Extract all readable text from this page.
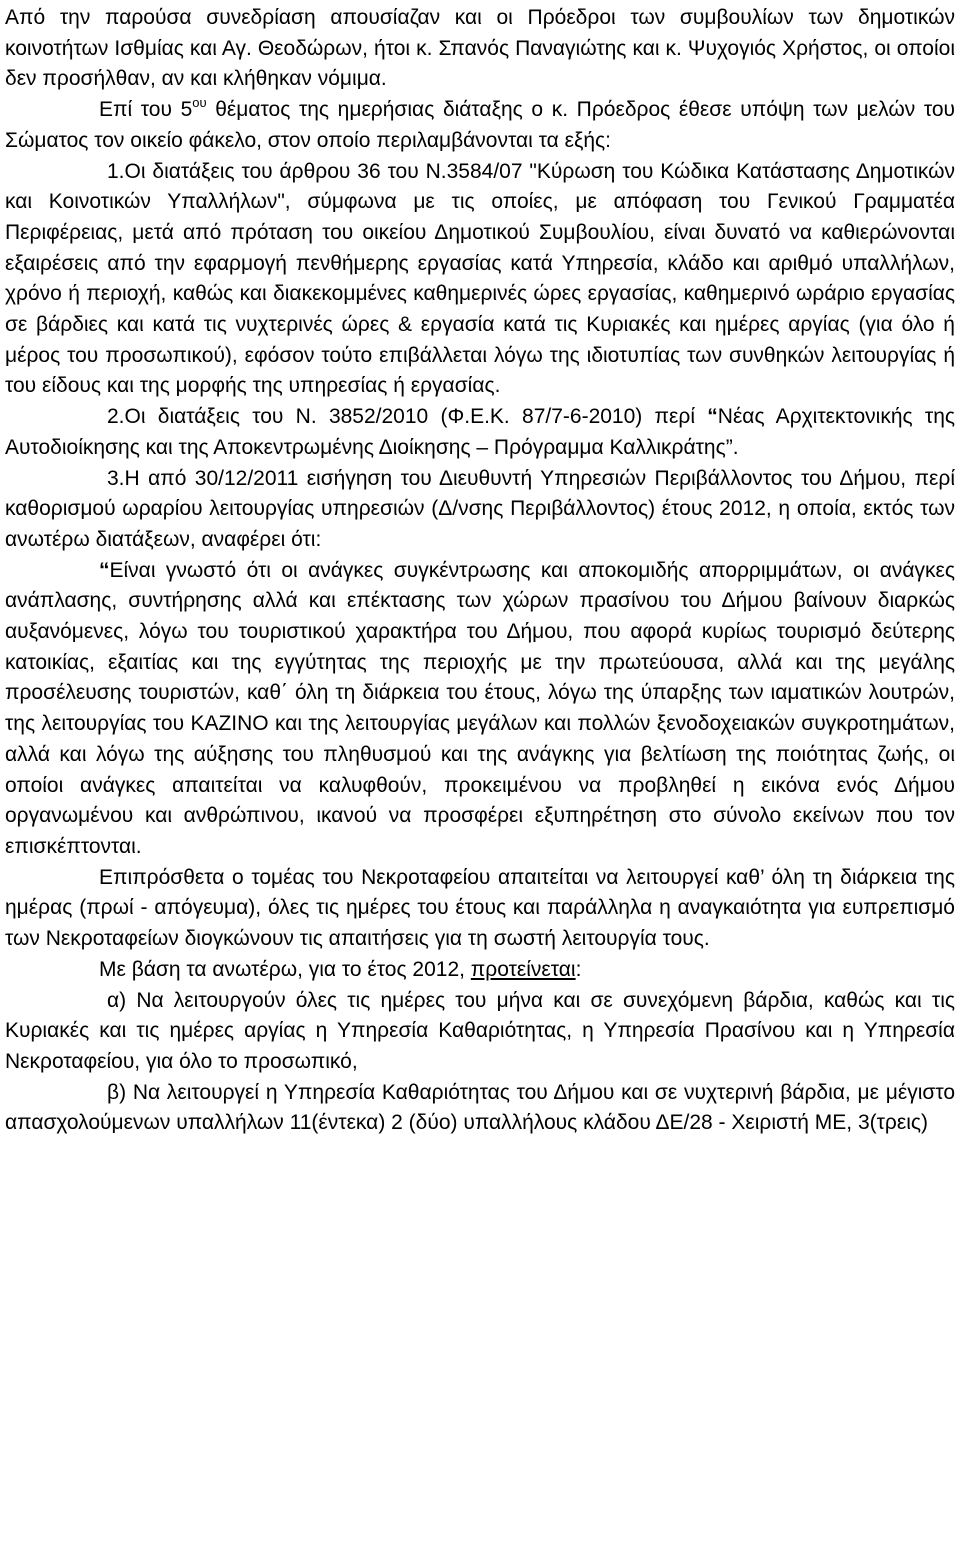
Από την παρούσα συνεδρίαση απουσίαζαν και οι Πρόεδροι των συμβουλίων των δημοτικών κοινοτήτων Ισθμίας και Αγ. Θεοδώρων, ήτοι κ. Σπανός Παναγιώτης και κ. Ψυχογιός Χρήστος, οι οποίοι δεν προσήλθαν, αν και κλήθηκαν νόμιμα.

Επί του $5^{o\upsilon}$ θέματος της ημερήσιας διάταξης ο κ. Πρόεδρος έθεσε υπόψη των μελών του Σώματος τον οικείο φάκελο, στον οποίο περιλαμβάνονται τα εξής:

1.Οι διατάξεις του άρθρου 36 του Ν.3584/07 "Κύρωση του Κώδικα Κατάστασης Δημοτικών και Κοινοτικών Υπαλλήλων", σύμφωνα με τις οποίες, με απόφαση του Γενικού Γραμματέα Περιφέρειας, μετά από πρόταση του οικείου Δημοτικού Συμβουλίου, είναι δυνατό να καθιερώνονται εξαιρέσεις από την εφαρμογή πενθήμερης εργασίας κατά Υπηρεσία, κλάδο και αριθμό υπαλλήλων, χρόνο ή περιοχή, καθώς και διακεκομμένες καθημερινές ώρες εργασίας, καθημερινό ωράριο εργασίας σε βάρδιες και κατά τις νυχτερινές ώρες & εργασία κατά τις Κυριακές και ημέρες αργίας (για όλο ή μέρος του προσωπικού), εφόσον τούτο επιβάλλεται λόγω της ιδιοτυπίας των συνθηκών λειτουργίας ή του είδους και της μορφής της υπηρεσίας ή εργασίας.

2.Οι διατάξεις του Ν. 3852/2010 (Φ.Ε.Κ. 87/7-6-2010) περί “Νέας Αρχιτεκτονικής της Αυτοδιοίκησης και της Αποκεντρωμένης Διοίκησης – Πρόγραμμα Καλλικράτης”.

3.Η από 30/12/2011 εισήγηση του Διευθυντή Υπηρεσιών Περιβάλλοντος του Δήμου, περί καθορισμού ωραρίου λειτουργίας υπηρεσιών (Δ/νσης Περιβάλλοντος) έτους 2012, η οποία, εκτός των ανωτέρω διατάξεων, αναφέρει ότι:

“Είναι γνωστό ότι οι ανάγκες συγκέντρωσης και αποκομιδής απορριμμάτων, οι ανάγκες ανάπλασης, συντήρησης αλλά και επέκτασης των χώρων πρασίνου του Δήμου βαίνουν διαρκώς αυξανόμενες, λόγω του τουριστικού χαρακτήρα του Δήμου, που αφορά κυρίως τουρισμό δεύτερης κατοικίας, εξαιτίας και της εγγύτητας της περιοχής με την πρωτεύουσα, αλλά και της μεγάλης προσέλευσης τουριστών, καθ΄ όλη τη διάρκεια του έτους, λόγω της ύπαρξης των ιαματικών λουτρών, της λειτουργίας του ΚΑΖΙΝΟ και της λειτουργίας μεγάλων και πολλών ξενοδοχειακών συγκροτημάτων, αλλά και λόγω της αύξησης του πληθυσμού και της ανάγκης για βελτίωση της ποιότητας ζωής, οι οποίοι ανάγκες απαιτείται να καλυφθούν, προκειμένου να προβληθεί η εικόνα ενός Δήμου οργανωμένου και ανθρώπινου, ικανού να προσφέρει εξυπηρέτηση στο σύνολο εκείνων που τον επισκέπτονται.

Επιπρόσθετα ο τομέας του Νεκροταφείου απαιτείται να λειτουργεί καθ’ όλη τη διάρκεια της ημέρας (πρωί - απόγευμα), όλες τις ημέρες του έτους και παράλληλα η αναγκαιότητα για ευπρεπισμό των Νεκροταφείων διογκώνουν τις απαιτήσεις για τη σωστή λειτουργία τους.

Με βάση τα ανωτέρω, για το έτος 2012, προτείνεται:

α) Να λειτουργούν όλες τις ημέρες του μήνα και σε συνεχόμενη βάρδια, καθώς και τις Κυριακές και τις ημέρες αργίας η Υπηρεσία Καθαριότητας, η Υπηρεσία Πρασίνου και η Υπηρεσία Νεκροταφείου, για όλο το προσωπικό,

β) Να λειτουργεί η Υπηρεσία Καθαριότητας του Δήμου και σε νυχτερινή βάρδια, με μέγιστο απασχολούμενων υπαλλήλων 11(έντεκα) 2 (δύο) υπαλλήλους κλάδου ΔΕ/28 - Χειριστή ΜΕ, 3(τρεις)
